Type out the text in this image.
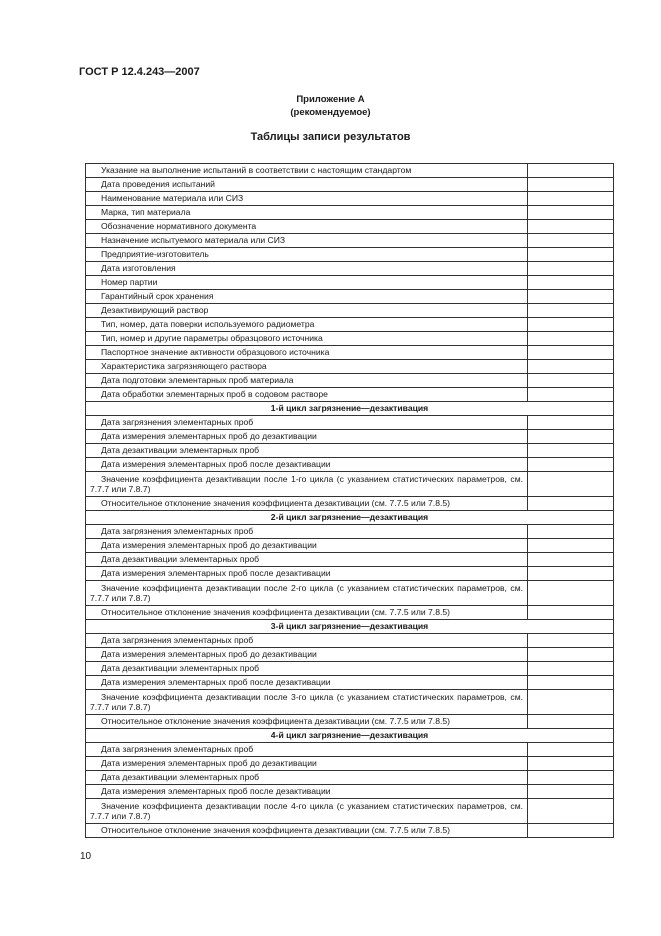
ГОСТ Р 12.4.243—2007
Приложение А
(рекомендуемое)
Таблицы записи результатов
Указание на выполнение испытаний в соответствии с настоящим стандартом	
Дата проведения испытаний	
Наименование материала или СИЗ	
Марка, тип материала	
Обозначение нормативного документа	
Назначение испытуемого материала или СИЗ	
Предприятие-изготовитель	
Дата изготовления	
Номер партии	
Гарантийный срок хранения	
Дезактивирующий раствор	
Тип, номер, дата поверки используемого радиометра	
Тип, номер и другие параметры образцового источника	
Паспортное значение активности образцового источника	
Характеристика загрязняющего раствора	
Дата подготовки элементарных проб материала	
Дата обработки элементарных проб в содовом растворе	
1-й цикл загрязнение—дезактивация	
Дата загрязнения элементарных проб	
Дата измерения элементарных проб до дезактивации	
Дата дезактивации элементарных проб	
Дата измерения элементарных проб после дезактивации	
Значение коэффициента дезактивации после 1-го цикла (с указанием статистических параметров, см. 7.7.7 или 7.8.7)	
Относительное отклонение значения коэффициента дезактивации (см. 7.7.5 или 7.8.5)	
2-й цикл загрязнение—дезактивация	
Дата загрязнения элементарных проб	
Дата измерения элементарных проб до дезактивации	
Дата дезактивации элементарных проб	
Дата измерения элементарных проб после дезактивации	
Значение коэффициента дезактивации после 2-го цикла (с указанием статистических параметров, см. 7.7.7 или 7.8.7)	
Относительное отклонение значения коэффициента дезактивации (см. 7.7.5 или 7.8.5)	
3-й цикл загрязнение—дезактивация	
Дата загрязнения элементарных проб	
Дата измерения элементарных проб до дезактивации	
Дата дезактивации элементарных проб	
Дата измерения элементарных проб после дезактивации	
Значение коэффициента дезактивации после 3-го цикла (с указанием статистических параметров, см. 7.7.7 или 7.8.7)	
Относительное отклонение значения коэффициента дезактивации (см. 7.7.5 или 7.8.5)	
4-й цикл загрязнение—дезактивация	
Дата загрязнения элементарных проб	
Дата измерения элементарных проб до дезактивации	
Дата дезактивации элементарных проб	
Дата измерения элементарных проб после дезактивации	
Значение коэффициента дезактивации после 4-го цикла (с указанием статистических параметров, см. 7.7.7 или 7.8.7)	
Относительное отклонение значения коэффициента дезактивации (см. 7.7.5 или 7.8.5)	
10
